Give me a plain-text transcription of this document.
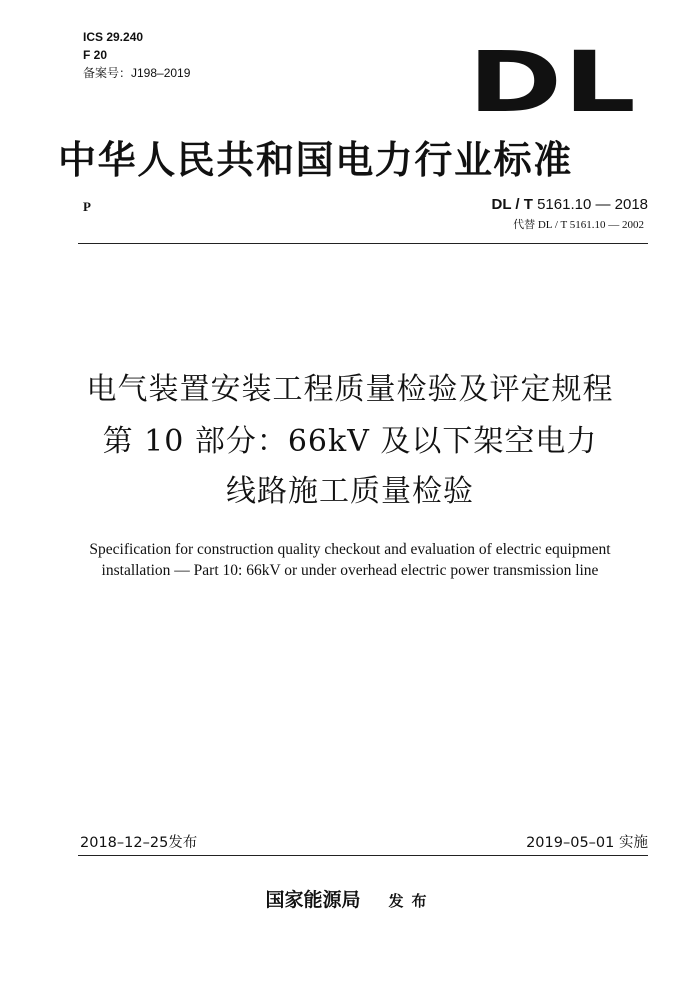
ICS 29.240
F 20
备案号：J198–2019	DL
中华人民共和国电力行业标准
P	DL / T 5161.10 — 2018
代替 DL / T 5161.10 — 2002
电气装置安装工程质量检验及评定规程
第 10 部分：66kV 及以下架空电力
线路施工质量检验
Specification for construction quality checkout and evaluation of electric equipment
installation — Part 10: 66kV or under overhead electric power transmission line
2018–12–25发布	2019–05–01 实施
国家能源局 发布
